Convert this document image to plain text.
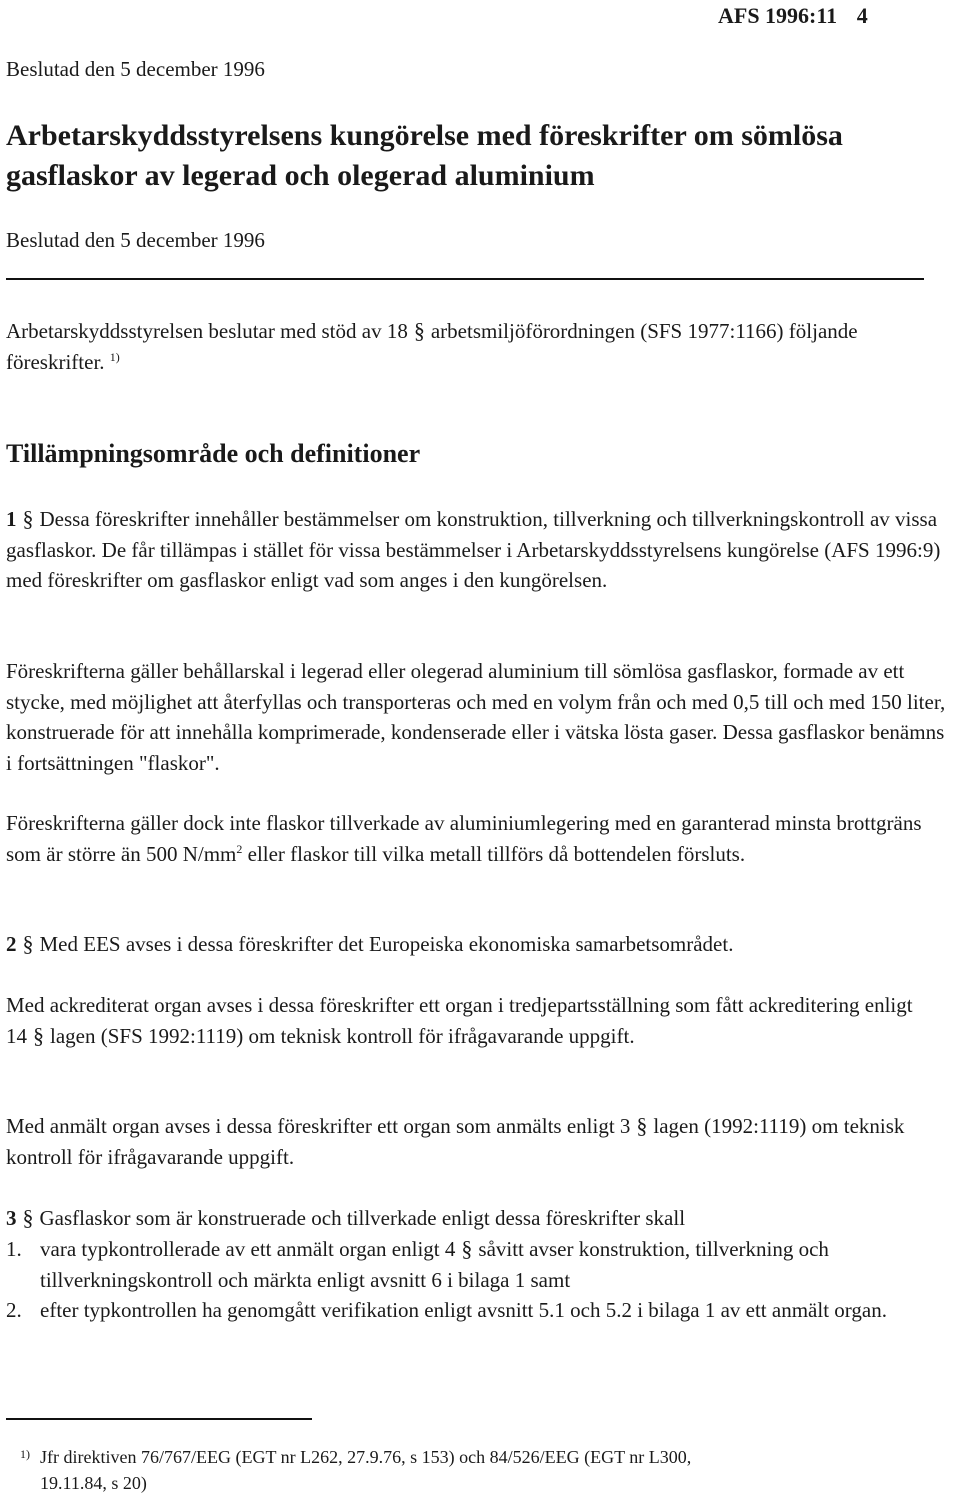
AFS 1996:11 4
Beslutad den 5 december 1996
Arbetarskyddsstyrelsens kungörelse med föreskrifter om sömlösa gasflaskor av legerad och olegerad aluminium
Beslutad den 5 december 1996

Arbetarskyddsstyrelsen beslutar med stöd av 18 § arbetsmiljöförordningen (SFS 1977:1166) följande föreskrifter. $^{1)}$

Tillämpningsområde och definitioner

1 § Dessa föreskrifter innehåller bestämmelser om konstruktion, tillverkning och tillverkningskontroll av vissa gasflaskor. De får tillämpas i stället för vissa bestämmelser i Arbetarskyddsstyrelsens kungörelse (AFS 1996:9) med föreskrifter om gasflaskor enligt vad som anges i den kungörelsen.

Föreskrifterna gäller behållarskal i legerad eller olegerad aluminium till sömlösa gasflaskor, formade av ett stycke, med möjlighet att återfyllas och transporteras och med en volym från och med 0,5 till och med 150 liter, konstruerade för att innehålla komprimerade, kondenserade eller i vätska lösta gaser. Dessa gasflaskor benämns i fortsättningen "flaskor".

Föreskrifterna gäller dock inte flaskor tillverkade av aluminiumlegering med en garanterad minsta brottgräns som är större än 500 $N/mm^2$ eller flaskor till vilka metall tillförs då bottendelen försluts.

2 § Med EES avses i dessa föreskrifter det Europeiska ekonomiska samarbetsområdet.

Med ackrediterat organ avses i dessa föreskrifter ett organ i tredjepartsställning som fått ackreditering enligt 14 § lagen (SFS 1992:1119) om teknisk kontroll för ifrågavarande uppgift.

Med anmält organ avses i dessa föreskrifter ett organ som anmälts enligt 3 § lagen (1992:1119) om teknisk kontroll för ifrågavarande uppgift.

3 § Gasflaskor som är konstruerade och tillverkade enligt dessa föreskrifter skall

1. vara typkontrollerade av ett anmält organ enligt 4 § såvitt avser konstruktion, tillverkning och tillverkningskontroll och märkta enligt avsnitt 6 i bilaga 1 samt
2. efter typkontrollen ha genomgått verifikation enligt avsnitt 5.1 och 5.2 i bilaga 1 av ett anmält organ.
1) Jfr direktiven 76/767/EEG (EGT nr L262, 27.9.76, s 153) och 84/526/EEG (EGT nr L300,
19.11.84, s 20)
